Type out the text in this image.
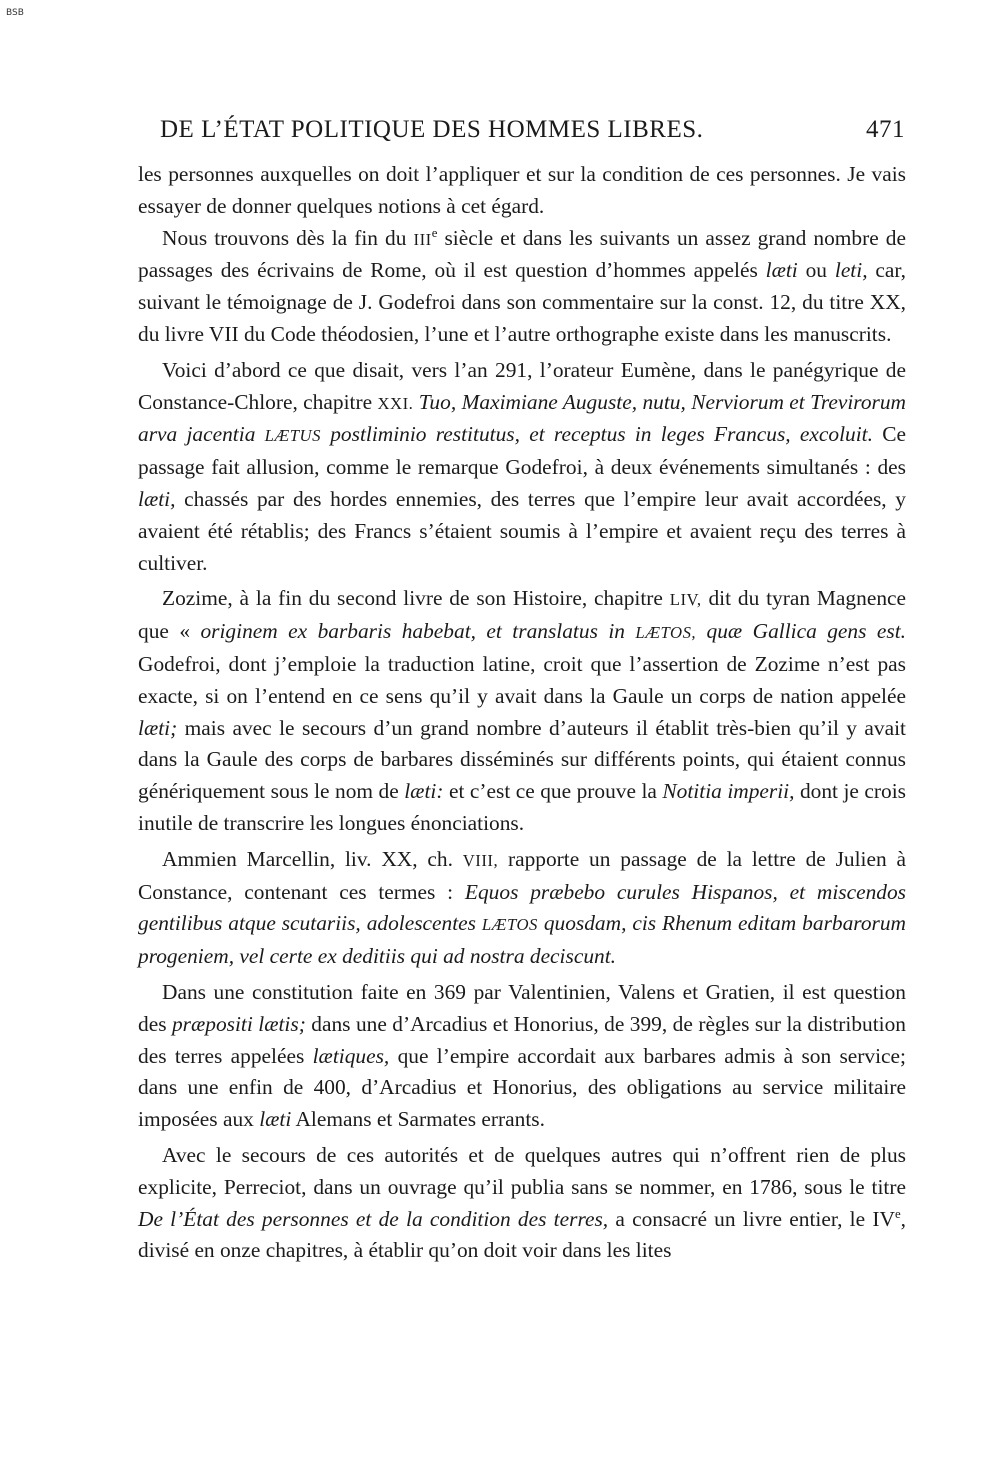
BSB
DE L’ÉTAT POLITIQUE DES HOMMES LIBRES.	471

les personnes auxquelles on doit l’appliquer et sur la condition de ces personnes. Je vais essayer de donner quelques notions à cet égard.

Nous trouvons dès la fin du IIIe siècle et dans les suivants un assez grand nombre de passages des écrivains de Rome, où il est question d’hommes appelés læti ou leti, car, suivant le témoignage de J. Godefroi dans son commentaire sur la const. 12, du titre XX, du livre VII du Code théodosien, l’une et l’autre orthographe existe dans les manuscrits.

Voici d’abord ce que disait, vers l’an 291, l’orateur Eumène, dans le panégyrique de Constance-Chlore, chapitre XXI. Tuo, Maximiane Auguste, nutu, Nerviorum et Trevirorum arva jacentia LÆTUS postliminio restitutus, et receptus in leges Francus, excoluit. Ce passage fait allusion, comme le remarque Godefroi, à deux événements simultanés : des læti, chassés par des hordes ennemies, des terres que l’empire leur avait accordées, y avaient été rétablis; des Francs s’étaient soumis à l’empire et avaient reçu des terres à cultiver.

Zozime, à la fin du second livre de son Histoire, chapitre LIV, dit du tyran Magnence que « originem ex barbaris habebat, et translatus in LÆTOS, quæ Gallica gens est. Godefroi, dont j’emploie la traduction latine, croit que l’assertion de Zozime n’est pas exacte, si on l’entend en ce sens qu’il y avait dans la Gaule un corps de nation appelée læti; mais avec le secours d’un grand nombre d’auteurs il établit très-bien qu’il y avait dans la Gaule des corps de barbares disséminés sur différents points, qui étaient connus génériquement sous le nom de læti: et c’est ce que prouve la Notitia imperii, dont je crois inutile de transcrire les longues énonciations.

Ammien Marcellin, liv. XX, ch. VIII, rapporte un passage de la lettre de Julien à Constance, contenant ces termes : Equos præbebo curules Hispanos, et miscendos gentilibus atque scutariis, adolescentes LÆTOS quosdam, cis Rhenum editam barbarorum progeniem, vel certe ex deditiis qui ad nostra deciscunt.

Dans une constitution faite en 369 par Valentinien, Valens et Gratien, il est question des præpositi lætis; dans une d’Arcadius et Honorius, de 399, de règles sur la distribution des terres appelées lætiques, que l’empire accordait aux barbares admis à son service; dans une enfin de 400, d’Arcadius et Honorius, des obligations au service militaire imposées aux læti Alemans et Sarmates errants.

Avec le secours de ces autorités et de quelques autres qui n’offrent rien de plus explicite, Perreciot, dans un ouvrage qu’il publia sans se nommer, en 1786, sous le titre De l’État des personnes et de la condition des terres, a consacré un livre entier, le IVe, divisé en onze chapitres, à établir qu’on doit voir dans les lites
